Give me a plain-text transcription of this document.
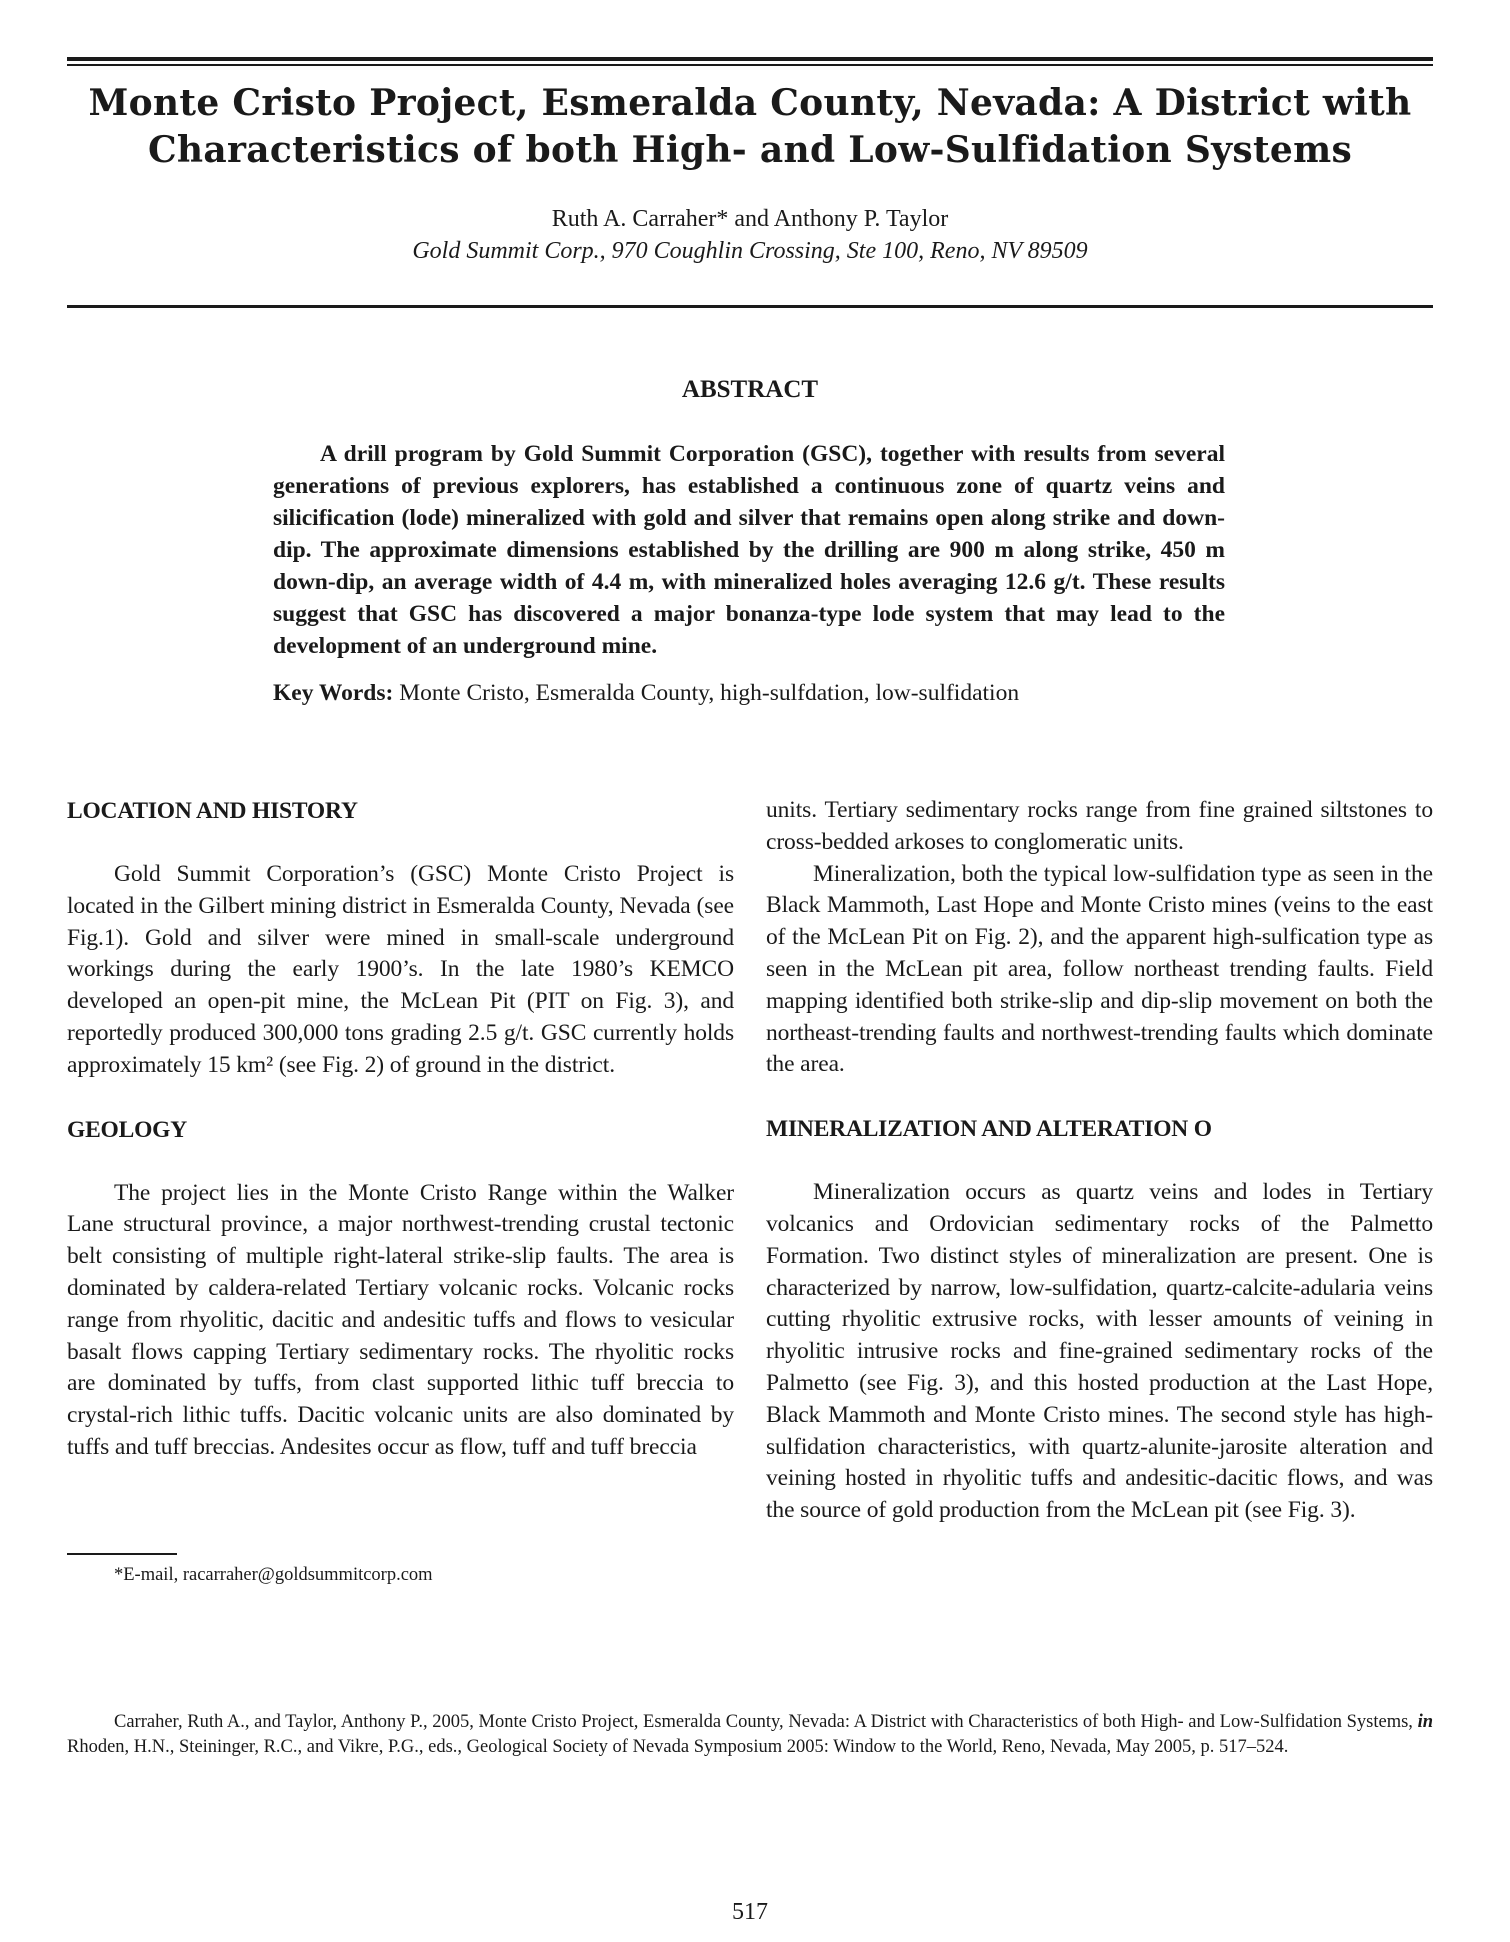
Monte Cristo Project, Esmeralda County, Nevada: A District with Characteristics of both High- and Low-Sulfidation Systems
Ruth A. Carraher* and Anthony P. Taylor
Gold Summit Corp., 970 Coughlin Crossing, Ste 100, Reno, NV 89509
ABSTRACT

A drill program by Gold Summit Corporation (GSC), together with results from several generations of previous explorers, has established a continuous zone of quartz veins and silicification (lode) mineralized with gold and silver that remains open along strike and down-dip. The approximate dimensions established by the drilling are 900 m along strike, 450 m down-dip, an average width of 4.4 m, with mineralized holes averaging 12.6 g/t. These results suggest that GSC has discovered a major bonanza-type lode system that may lead to the development of an underground mine.

Key Words: Monte Cristo, Esmeralda County, high-sulfdation, low-sulfidation
LOCATION AND HISTORY

Gold Summit Corporation’s (GSC) Monte Cristo Project is located in the Gilbert mining district in Esmeralda County, Nevada (see Fig.1). Gold and silver were mined in small-scale underground workings during the early 1900’s. In the late 1980’s KEMCO developed an open-pit mine, the McLean Pit (PIT on Fig. 3), and reportedly produced 300,000 tons grading 2.5 g/t. GSC currently holds approximately 15 km² (see Fig. 2) of ground in the district.

GEOLOGY

The project lies in the Monte Cristo Range within the Walker Lane structural province, a major northwest-trending crustal tectonic belt consisting of multiple right-lateral strike-slip faults. The area is dominated by caldera-related Tertiary volcanic rocks. Volcanic rocks range from rhyolitic, dacitic and andesitic tuffs and flows to vesicular basalt flows capping Tertiary sedimentary rocks. The rhyolitic rocks are dominated by tuffs, from clast supported lithic tuff breccia to crystal-rich lithic tuffs. Dacitic volcanic units are also dominated by tuffs and tuff breccias. Andesites occur as flow, tuff and tuff breccia

units. Tertiary sedimentary rocks range from fine grained siltstones to cross-bedded arkoses to conglomeratic units.

Mineralization, both the typical low-sulfidation type as seen in the Black Mammoth, Last Hope and Monte Cristo mines (veins to the east of the McLean Pit on Fig. 2), and the apparent high-sulfication type as seen in the McLean pit area, follow northeast trending faults. Field mapping identified both strike-slip and dip-slip movement on both the northeast-trending faults and northwest-trending faults which dominate the area.

MINERALIZATION AND ALTERATION O

Mineralization occurs as quartz veins and lodes in Tertiary volcanics and Ordovician sedimentary rocks of the Palmetto Formation. Two distinct styles of mineralization are present. One is characterized by narrow, low-sulfidation, quartz-calcite-adularia veins cutting rhyolitic extrusive rocks, with lesser amounts of veining in rhyolitic intrusive rocks and fine-grained sedimentary rocks of the Palmetto (see Fig. 3), and this hosted production at the Last Hope, Black Mammoth and Monte Cristo mines. The second style has high-sulfidation characteristics, with quartz-alunite-jarosite alteration and veining hosted in rhyolitic tuffs and andesitic-dacitic flows, and was the source of gold production from the McLean pit (see Fig. 3).

*E-mail, racarraher@goldsummitcorp.com

Carraher, Ruth A., and Taylor, Anthony P., 2005, Monte Cristo Project, Esmeralda County, Nevada: A District with Characteristics of both High- and Low-Sulfidation Systems, in Rhoden, H.N., Steininger, R.C., and Vikre, P.G., eds., Geological Society of Nevada Symposium 2005: Window to the World, Reno, Nevada, May 2005, p. 517–524.

517
